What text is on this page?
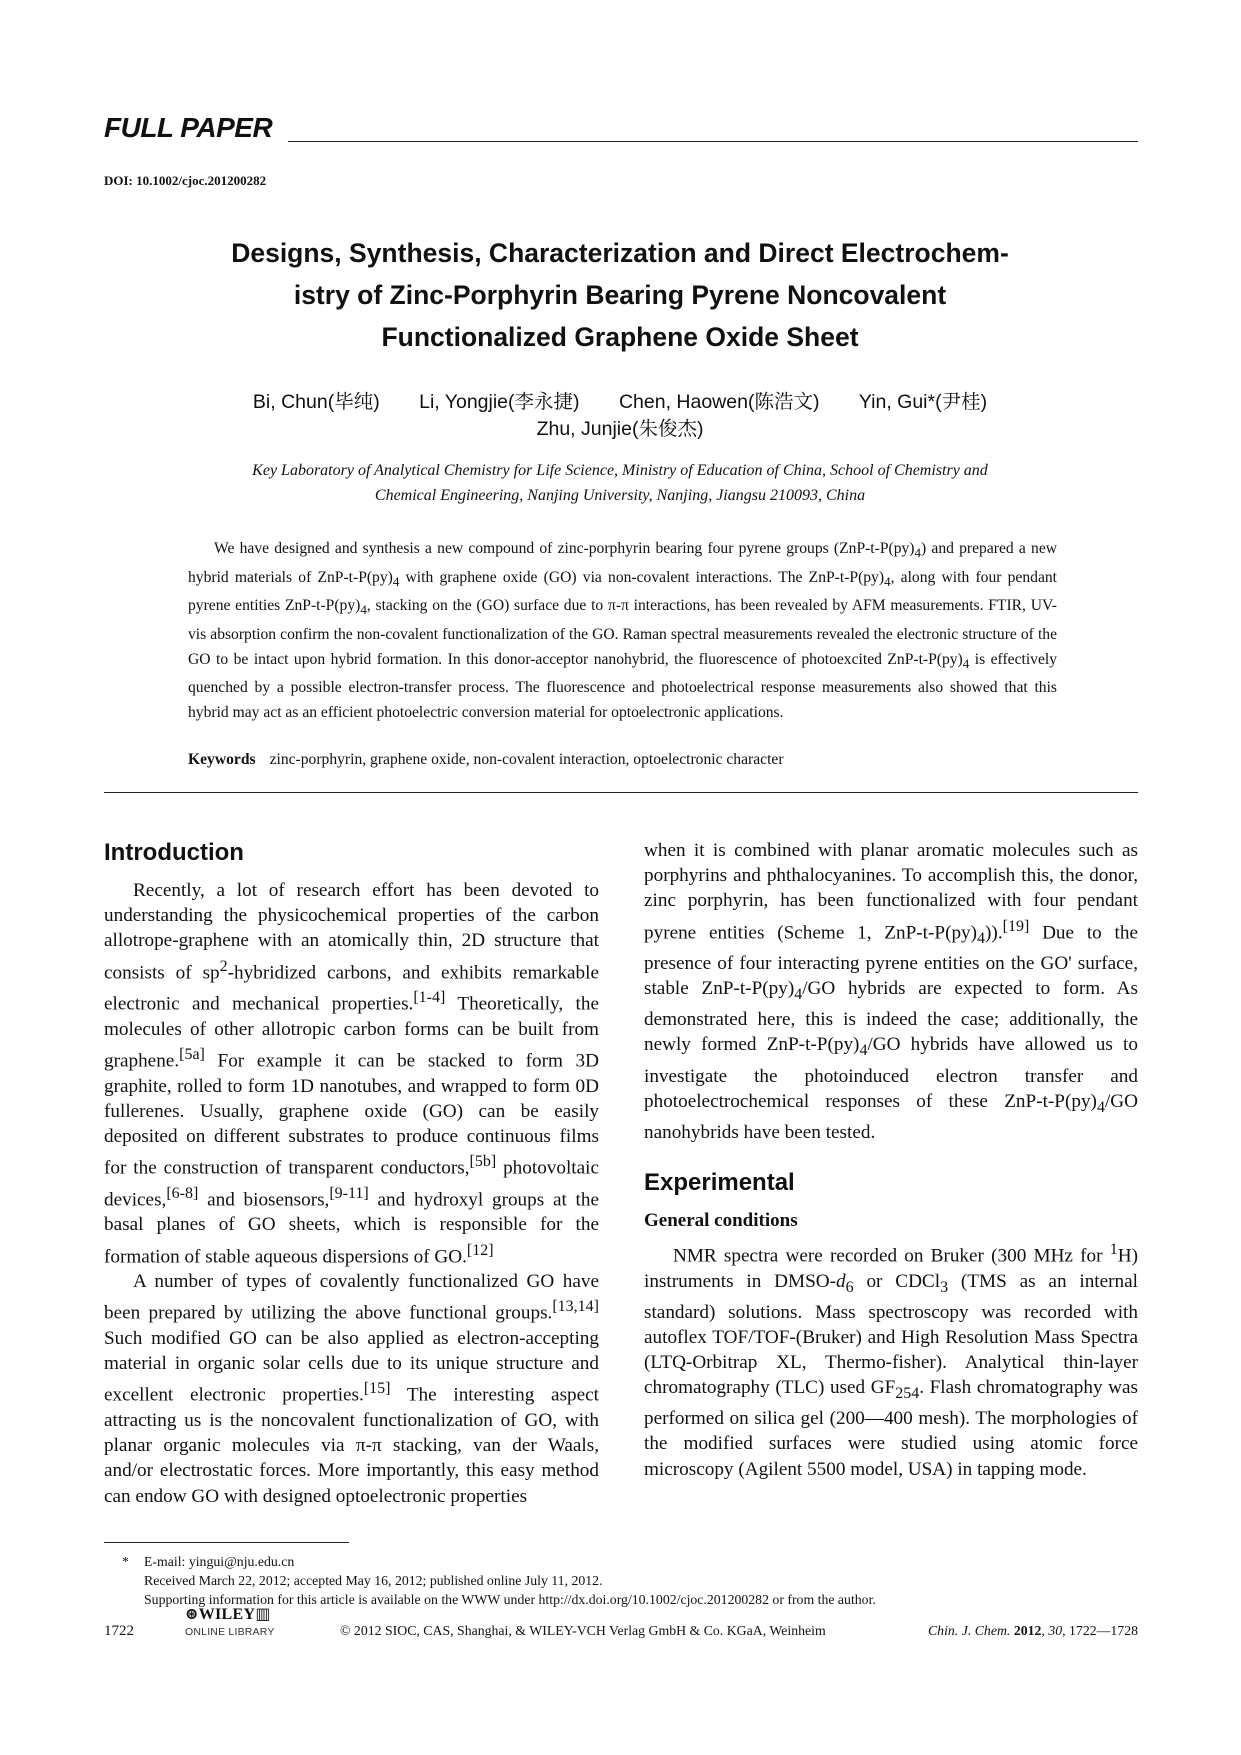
FULL PAPER
DOI: 10.1002/cjoc.201200282
Designs, Synthesis, Characterization and Direct Electrochem-
istry of Zinc-Porphyrin Bearing Pyrene Noncovalent
Functionalized Graphene Oxide Sheet
Bi, Chun(毕纯) Li, Yongjie(李永捷) Chen, Haowen(陈浩文) Yin, Gui*(尹桂)
Zhu, Junjie(朱俊杰)
Key Laboratory of Analytical Chemistry for Life Science, Ministry of Education of China, School of Chemistry and
Chemical Engineering, Nanjing University, Nanjing, Jiangsu 210093, China

We have designed and synthesis a new compound of zinc-porphyrin bearing four pyrene groups $(ZnP-t-P(py)_4)$ and prepared a new hybrid materials of ZnP-$t-P(py)_4$ with graphene oxide (GO) via non-covalent interactions. The ZnP-$t-P(py)_4$, along with four pendant pyrene entities ZnP-$t-P(py)_4$, stacking on the (GO) surface due to π-π interactions, has been revealed by AFM measurements. FTIR, UV-vis absorption confirm the non-covalent functionalization of the GO. Raman spectral measurements revealed the electronic structure of the GO to be intact upon hybrid formation. In this donor-acceptor nanohybrid, the fluorescence of photoexcited ZnP-$t-P(py)_4$ is effectively quenched by a possible electron-transfer process. The fluorescence and photoelectrical response measurements also showed that this hybrid may act as an efficient photoelectric conversion material for optoelectronic applications.

Keywords zinc-porphyrin, graphene oxide, non-covalent interaction, optoelectronic character
Introduction

Recently, a lot of research effort has been devoted to understanding the physicochemical properties of the carbon allotrope-graphene with an atomically thin, 2D structure that consists of $sp^2$-hybridized carbons, and exhibits remarkable electronic and mechanical properties.[1-4] Theoretically, the molecules of other allotropic carbon forms can be built from graphene.[5a] For example it can be stacked to form 3D graphite, rolled to form 1D nanotubes, and wrapped to form 0D fullerenes. Usually, graphene oxide (GO) can be easily deposited on different substrates to produce continuous films for the construction of transparent conductors,[5b] photovoltaic devices,[6-8] and biosensors,[9-11] and hydroxyl groups at the basal planes of GO sheets, which is responsible for the formation of stable aqueous dispersions of GO.[12]

A number of types of covalently functionalized GO have been prepared by utilizing the above functional groups.[13,14] Such modified GO can be also applied as electron-accepting material in organic solar cells due to its unique structure and excellent electronic properties.[15] The interesting aspect attracting us is the noncovalent functionalization of GO, with planar organic molecules via π-π stacking, van der Waals, and/or electrostatic forces. More importantly, this easy method can endow GO with designed optoelectronic properties

when it is combined with planar aromatic molecules such as porphyrins and phthalocyanines. To accomplish this, the donor, zinc porphyrin, has been functionalized with four pendant pyrene entities (Scheme 1, ZnP-$t-P(py)_4)).[19]$ Due to the presence of four interacting pyrene entities on the GO' surface, stable ZnP-$t-P(py)_4/GO$ hybrids are expected to form. As demonstrated here, this is indeed the case; additionally, the newly formed ZnP-$t-P(py)_4/GO$ hybrids have allowed us to investigate the photoinduced electron transfer and photoelectrochemical responses of these ZnP-$t-P(py)_4/GO$ nanohybrids have been tested.

Experimental
General conditions

NMR spectra were recorded on Bruker (300 MHz for $^1$H) instruments in DMSO-$d_6$ or CDCl$_3$ (TMS as an internal standard) solutions. Mass spectroscopy was recorded with autoflex TOF/TOF-(Bruker) and High Resolution Mass Spectra (LTQ-Orbitrap XL, Thermo-fisher). Analytical thin-layer chromatography (TLC) used $GF_{254}$. Flash chromatography was performed on silica gel (200—400 mesh). The morphologies of the modified surfaces were studied using atomic force microscopy (Agilent 5500 model, USA) in tapping mode.

* E-mail: yingui@nju.edu.cn
Received March 22, 2012; accepted May 16, 2012; published online July 11, 2012.
Supporting information for this article is available on the WWW under http://dx.doi.org/10.1002/cjoc.201200282 or from the author.
1722
⊛WILEY▥
ONLINE LIBRARY	© 2012 SIOC, CAS, Shanghai, & WILEY-VCH Verlag GmbH & Co. KGaA, Weinheim	Chin. J. Chem. 2012, 30, 1722—1728
